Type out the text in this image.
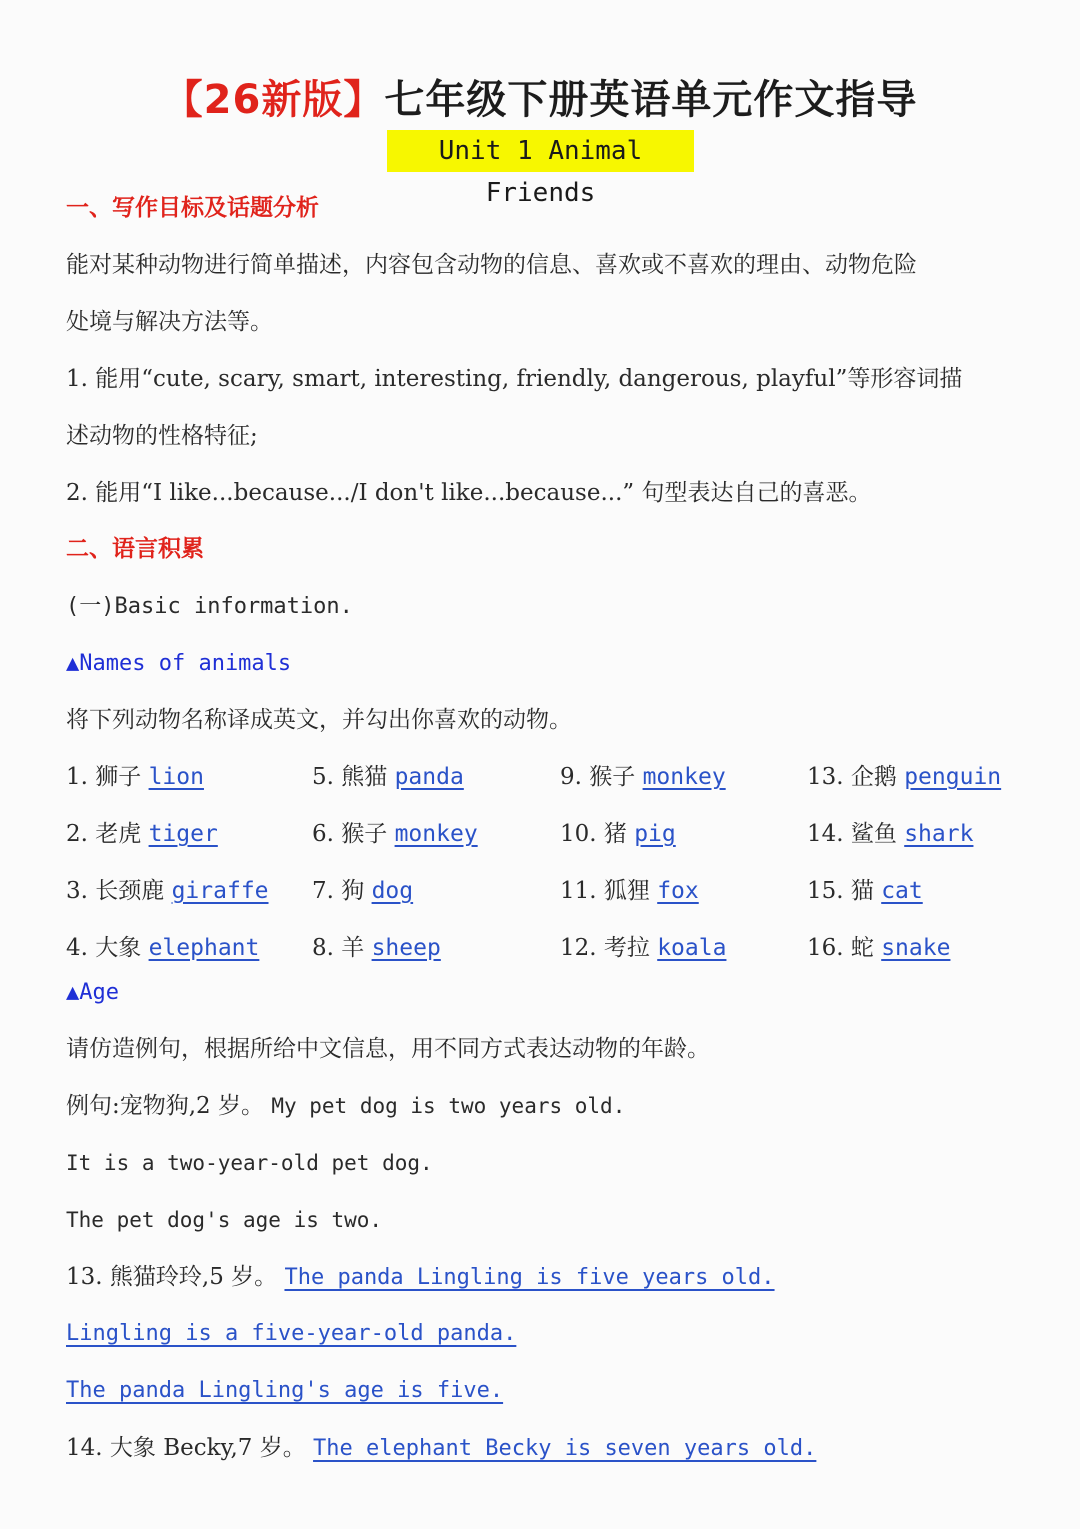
【26新版】七年级下册英语单元作文指导
Unit 1 Animal Friends
一、写作目标及话题分析
能对某种动物进行简单描述，内容包含动物的信息、喜欢或不喜欢的理由、动物危险
处境与解决方法等。
1. 能用“cute, scary, smart, interesting, friendly, dangerous, playful”等形容词描
述动物的性格特征;
2. 能用“I like...because.../I don't like...because...” 句型表达自己的喜恶。
二、语言积累
(一)Basic information.
▲Names of animals
将下列动物名称译成英文，并勾出你喜欢的动物。
1. 狮子 lion
2. 老虎 tiger
3. 长颈鹿 giraffe
4. 大象 elephant
5. 熊猫 panda
6. 猴子 monkey
7. 狗 dog
8. 羊 sheep
9. 猴子 monkey
10. 猪 pig
11. 狐狸 fox
12. 考拉 koala
13. 企鹅 penguin
14. 鲨鱼 shark
15. 猫 cat
16. 蛇 snake
▲Age
请仿造例句，根据所给中文信息，用不同方式表达动物的年龄。
例句:宠物狗,2 岁。 My pet dog is two years old.
It is a two-year-old pet dog.
The pet dog's age is two.
13. 熊猫玲玲,5 岁。 The panda Lingling is five years old.
Lingling is a five-year-old panda.
The panda Lingling's age is five.
14. 大象 Becky,7 岁。 The elephant Becky is seven years old.
